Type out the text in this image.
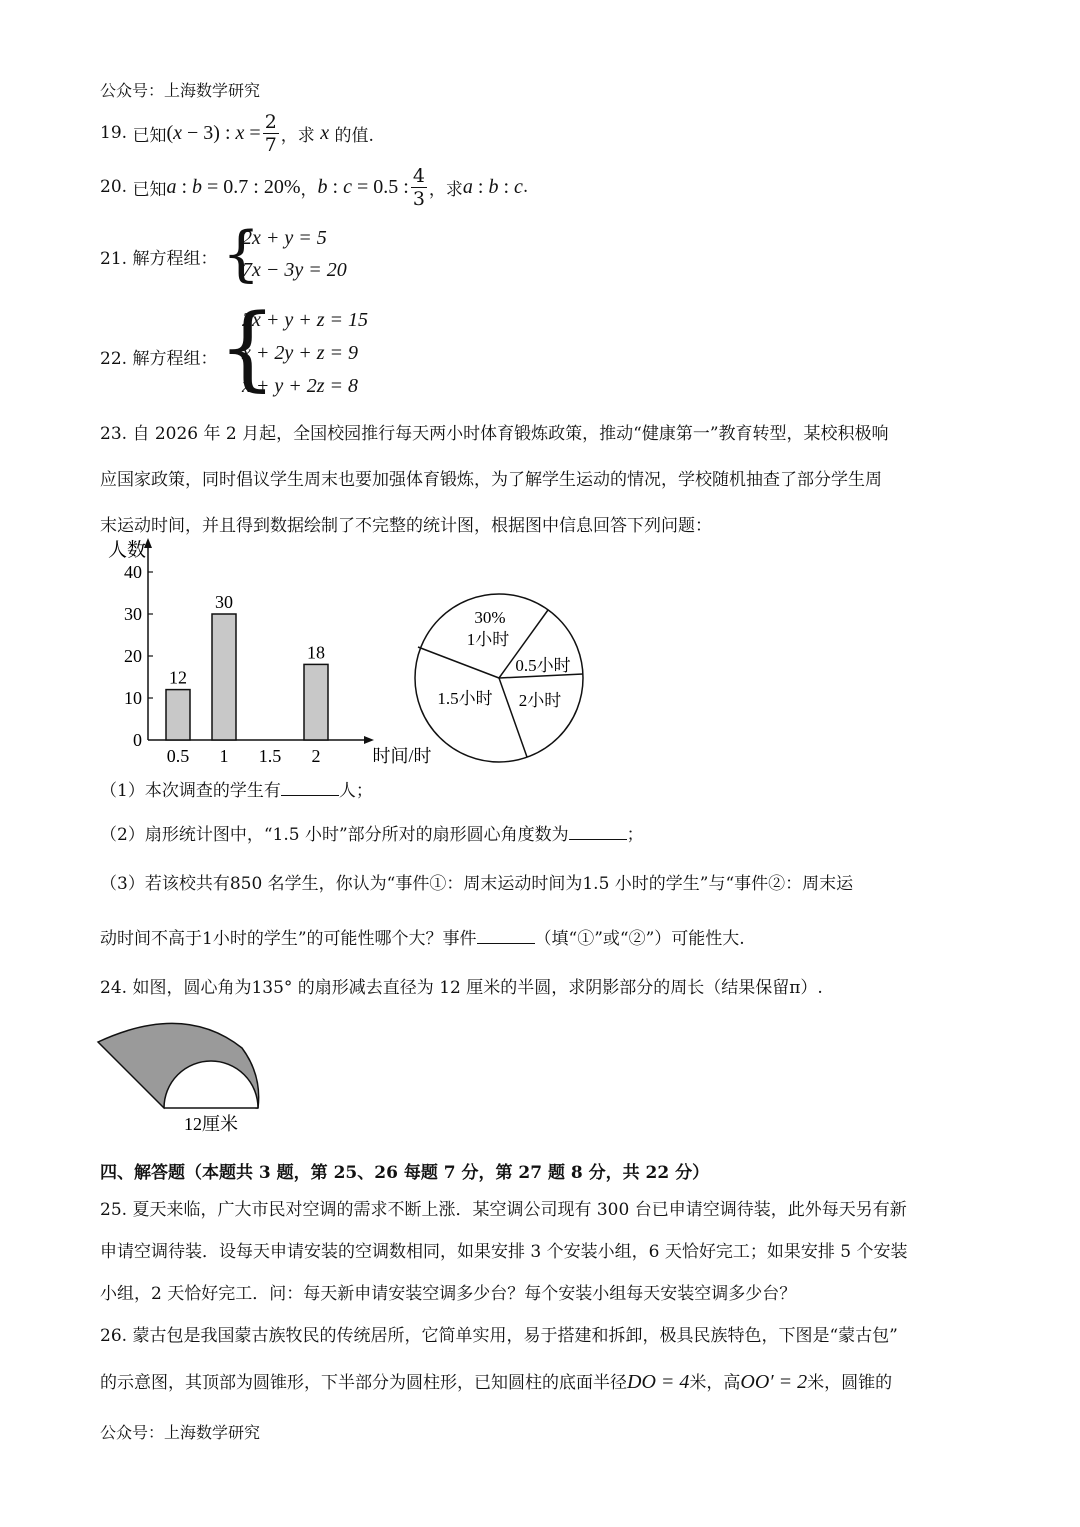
公众号：上海数学研究
19.
已知 (x − 3) : $x = \frac{2}{7}$ ，求
x
的值.
20.
已知 a : b = 0.7 : 20% ， b : c = 0.5 : $\frac{4}{3}$ ，求 a : b : c .
21. 解方程组： {
2x + y = 5
7x − 3y = 20
22. 解方程组： {
2x + y + z = 15
x + 2y + z = 9
x + y + 2z = 8
23. 自 2026 年 2 月起，全国校园推行每天两小时体育锻炼政策，推动“健康第一”教育转型，某校积极响
应国家政策，同时倡议学生周末也要加强体育锻炼，为了解学生运动的情况，学校随机抽查了部分学生周
末运动时间，并且得到数据绘制了不完整的统计图，根据图中信息回答下列问题：
人数
时间/时
0
10
20
30
40
0.5
12
1
30
1.5 2
18
30%
1小时
0.5小时
2小时
1.5小时
（1）本次调查的学生有	人；
（2）扇形统计图中，“1.5 小时”部分所对的扇形圆心角度数为	；
（3）若该校共有850 名学生，你认为“事件①：周末运动时间为1.5 小时的学生”与“事件②：周末运
动时间不高于1小时的学生”的可能性哪个大？事件	（填“①”或“②”）可能性大.
24. 如图，圆心角为135° 的扇形减去直径为 12 厘米的半圆，求阴影部分的周长（结果保留π）.
12厘米
四、解答题（本题共 3 题，第 25、26 每题 7 分，第 27 题 8 分，共 22 分）
25. 夏天来临，广大市民对空调的需求不断上涨．某空调公司现有 300 台已申请空调待装，此外每天另有新
申请空调待装．设每天申请安装的空调数相同，如果安排 3 个安装小组，6 天恰好完工；如果安排 5 个安装
小组，2 天恰好完工．问：每天新申请安装空调多少台？每个安装小组每天安装空调多少台？
26. 蒙古包是我国蒙古族牧民的传统居所，它简单实用，易于搭建和拆卸，极具民族特色，下图是“蒙古包”
的示意图，其顶部为圆锥形，下半部分为圆柱形，已知圆柱的底面半径DO = 4米，高OO′ = 2米，圆锥的
公众号：上海数学研究
